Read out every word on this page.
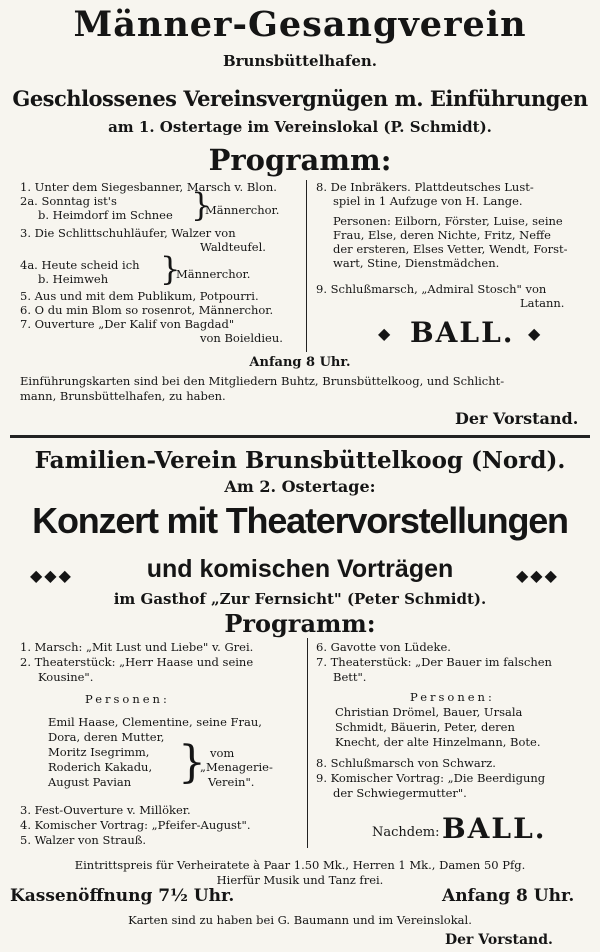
Männer-Gesangverein
Brunsbüttelhafen.
Geschlossenes Vereinsvergnügen m. Einführungen
am 1. Ostertage im Vereinslokal (P. Schmidt).
Programm:
1. Unter dem Siegesbanner, Marsch v. Blon.
2a. Sonntag ist's
b. Heimdorf im Schnee }
Männerchor.
3. Die Schlittschuhläufer, Walzer von
Waldteufel.
4a. Heute scheid ich
b. Heimweh }
Männerchor.
5. Aus und mit dem Publikum, Potpourri.
6. O du min Blom so rosenrot, Männerchor.
7. Ouverture „Der Kalif von Bagdad"
von Boieldieu.
8. De Inbräkers. Plattdeutsches Lust-
spiel in 1 Aufzuge von H. Lange.
Personen: Eilborn, Förster, Luise, seine
Frau, Else, deren Nichte, Fritz, Neffe
der ersteren, Elses Vetter, Wendt, Forst-
wart, Stine, Dienstmädchen.
9. Schlußmarsch, „Admiral Stosch" von
Latann.
◆ BALL. ◆
Anfang 8 Uhr.
Einführungskarten sind bei den Mitgliedern Buhtz, Brunsbüttelkoog, und Schlicht-
mann, Brunsbüttelhafen, zu haben.
Der Vorstand.
Familien-Verein Brunsbüttelkoog (Nord).
Am 2. Ostertage:
Konzert mit Theatervorstellungen
◆◆◆	und komischen Vorträgen	◆◆◆
im Gasthof „Zur Fernsicht" (Peter Schmidt).
Programm:
1. Marsch: „Mit Lust und Liebe" v. Grei.
2. Theaterstück: „Herr Haase und seine
Kousine".
Personen:
Emil Haase, Clementine, seine Frau,
Dora, deren Mutter,
Moritz Isegrimm,
Roderich Kakadu,
August Pavian } vom
„Menagerie-
Verein".
3. Fest-Ouverture v. Millöker.
4. Komischer Vortrag: „Pfeifer-August".
5. Walzer von Strauß.
6. Gavotte von Lüdeke.
7. Theaterstück: „Der Bauer im falschen
Bett".
Personen:
Christian Drömel, Bauer, Ursala
Schmidt, Bäuerin, Peter, deren
Knecht, der alte Hinzelmann, Bote.
8. Schlußmarsch von Schwarz.
9. Komischer Vortrag: „Die Beerdigung
der Schwiegermutter".
Nachdem: BALL.
Eintrittspreis für Verheiratete à Paar 1.50 Mk., Herren 1 Mk., Damen 50 Pfg.
Hierfür Musik und Tanz frei.
Kassenöffnung 7½ Uhr.	Anfang 8 Uhr.
Karten sind zu haben bei G. Baumann und im Vereinslokal.
Der Vorstand.
